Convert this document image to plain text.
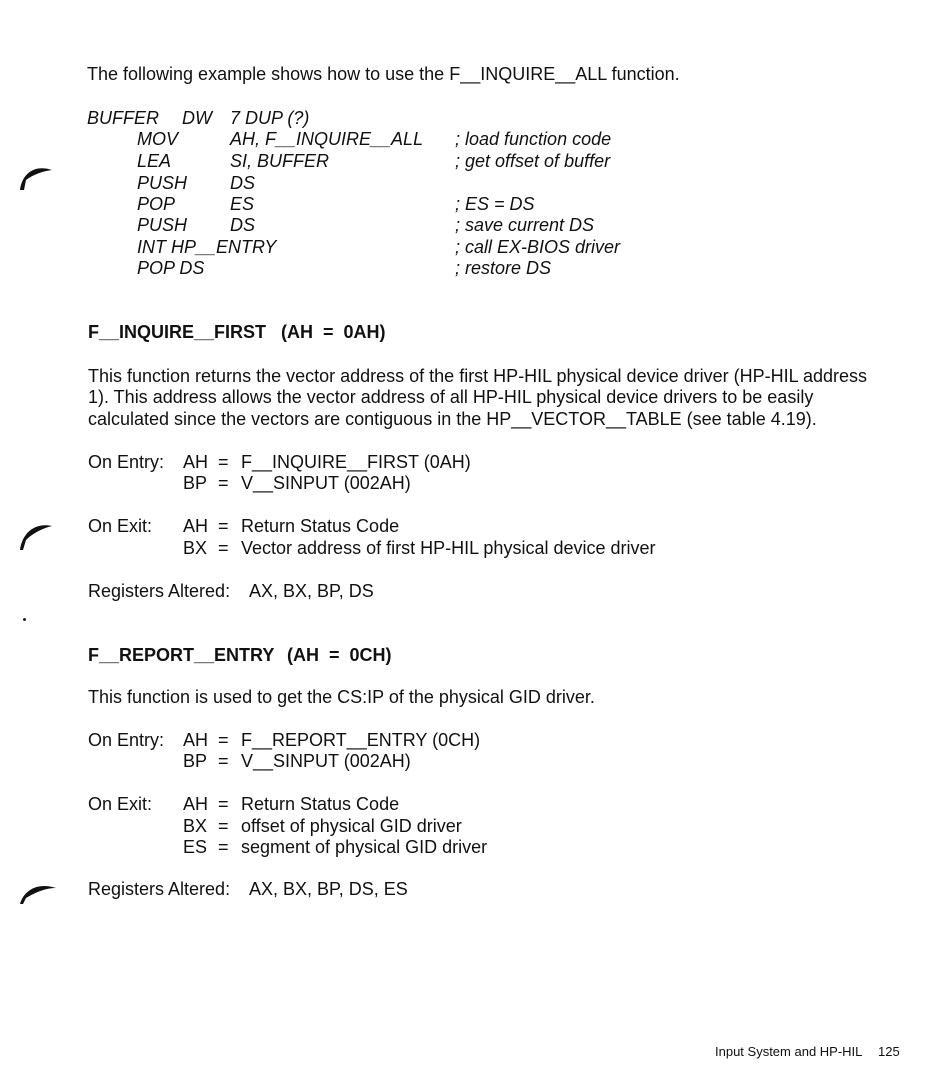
The following example shows how to use the F__INQUIRE__ALL function.
BUFFER DW 7 DUP (?)
MOV	AH, F__INQUIRE__ALL ; load function code
LEA	SI, BUFFER	; get offset of buffer
PUSH DS
POP	ES	; ES = DS
PUSH DS	; save current DS
INT HP__ENTRY	; call EX-BIOS driver
POP DS	; restore DS
F__INQUIRE__FIRST (AH  =  0AH)
This function returns the vector address of the first HP-HIL physical device driver (HP-HIL address
1). This address allows the vector address of all HP-HIL physical device drivers to be easily
calculated since the vectors are contiguous in the HP__VECTOR__TABLE (see table 4.19).
On Entry: AH = F__INQUIRE__FIRST (0AH)
BP = V__SINPUT (002AH)
On Exit: AH = Return Status Code
BX = Vector address of first HP-HIL physical device driver
Registers Altered: AX, BX, BP, DS
F__REPORT__ENTRY (AH  =  0CH)
This function is used to get the CS:IP of the physical GID driver.
On Entry: AH = F__REPORT__ENTRY (0CH)
BP = V__SINPUT (002AH)
On Exit: AH = Return Status Code
BX = offset of physical GID driver
ES = segment of physical GID driver
Registers Altered: AX, BX, BP, DS, ES
Input System and HP-HIL 125
